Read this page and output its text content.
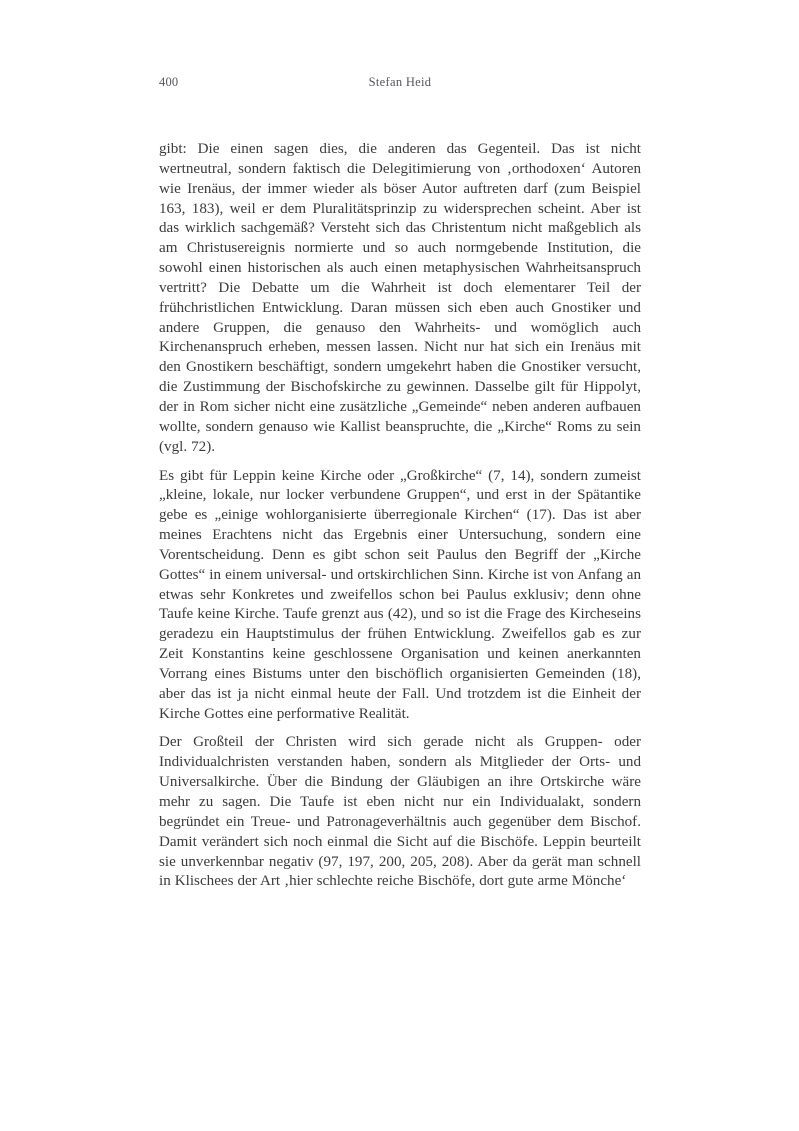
400	Stefan Heid

gibt: Die einen sagen dies, die anderen das Gegenteil. Das ist nicht wertneutral, sondern faktisch die Delegitimierung von ‚orthodoxen‘ Autoren wie Irenäus, der immer wieder als böser Autor auftreten darf (zum Beispiel 163, 183), weil er dem Pluralitätsprinzip zu widersprechen scheint. Aber ist das wirklich sachgemäß? Versteht sich das Christentum nicht maßgeblich als am Christusereignis normierte und so auch normgebende Institution, die sowohl einen historischen als auch einen metaphysischen Wahrheitsanspruch vertritt? Die Debatte um die Wahrheit ist doch elementarer Teil der frühchristlichen Entwicklung. Daran müssen sich eben auch Gnostiker und andere Gruppen, die genauso den Wahrheits- und womöglich auch Kirchenanspruch erheben, messen lassen. Nicht nur hat sich ein Irenäus mit den Gnostikern beschäftigt, sondern umgekehrt haben die Gnostiker versucht, die Zustimmung der Bischofskirche zu gewinnen. Dasselbe gilt für Hippolyt, der in Rom sicher nicht eine zusätzliche „Gemeinde“ neben anderen aufbauen wollte, sondern genauso wie Kallist beanspruchte, die „Kirche“ Roms zu sein (vgl. 72).

Es gibt für Leppin keine Kirche oder „Großkirche“ (7, 14), sondern zumeist „kleine, lokale, nur locker verbundene Gruppen“, und erst in der Spätantike gebe es „einige wohlorganisierte überregionale Kirchen“ (17). Das ist aber meines Erachtens nicht das Ergebnis einer Untersuchung, sondern eine Vorentscheidung. Denn es gibt schon seit Paulus den Begriff der „Kirche Gottes“ in einem universal- und ortskirchlichen Sinn. Kirche ist von Anfang an etwas sehr Konkretes und zweifellos schon bei Paulus exklusiv; denn ohne Taufe keine Kirche. Taufe grenzt aus (42), und so ist die Frage des Kircheseins geradezu ein Hauptstimulus der frühen Entwicklung. Zweifellos gab es zur Zeit Konstantins keine geschlossene Organisation und keinen anerkannten Vorrang eines Bistums unter den bischöflich organisierten Gemeinden (18), aber das ist ja nicht einmal heute der Fall. Und trotzdem ist die Einheit der Kirche Gottes eine performative Realität.

Der Großteil der Christen wird sich gerade nicht als Gruppen- oder Individualchristen verstanden haben, sondern als Mitglieder der Orts- und Universalkirche. Über die Bindung der Gläubigen an ihre Ortskirche wäre mehr zu sagen. Die Taufe ist eben nicht nur ein Individualakt, sondern begründet ein Treue- und Patronageverhältnis auch gegenüber dem Bischof. Damit verändert sich noch einmal die Sicht auf die Bischöfe. Leppin beurteilt sie unverkennbar negativ (97, 197, 200, 205, 208). Aber da gerät man schnell in Klischees der Art ‚hier schlechte reiche Bischöfe, dort gute arme Mönche‘
